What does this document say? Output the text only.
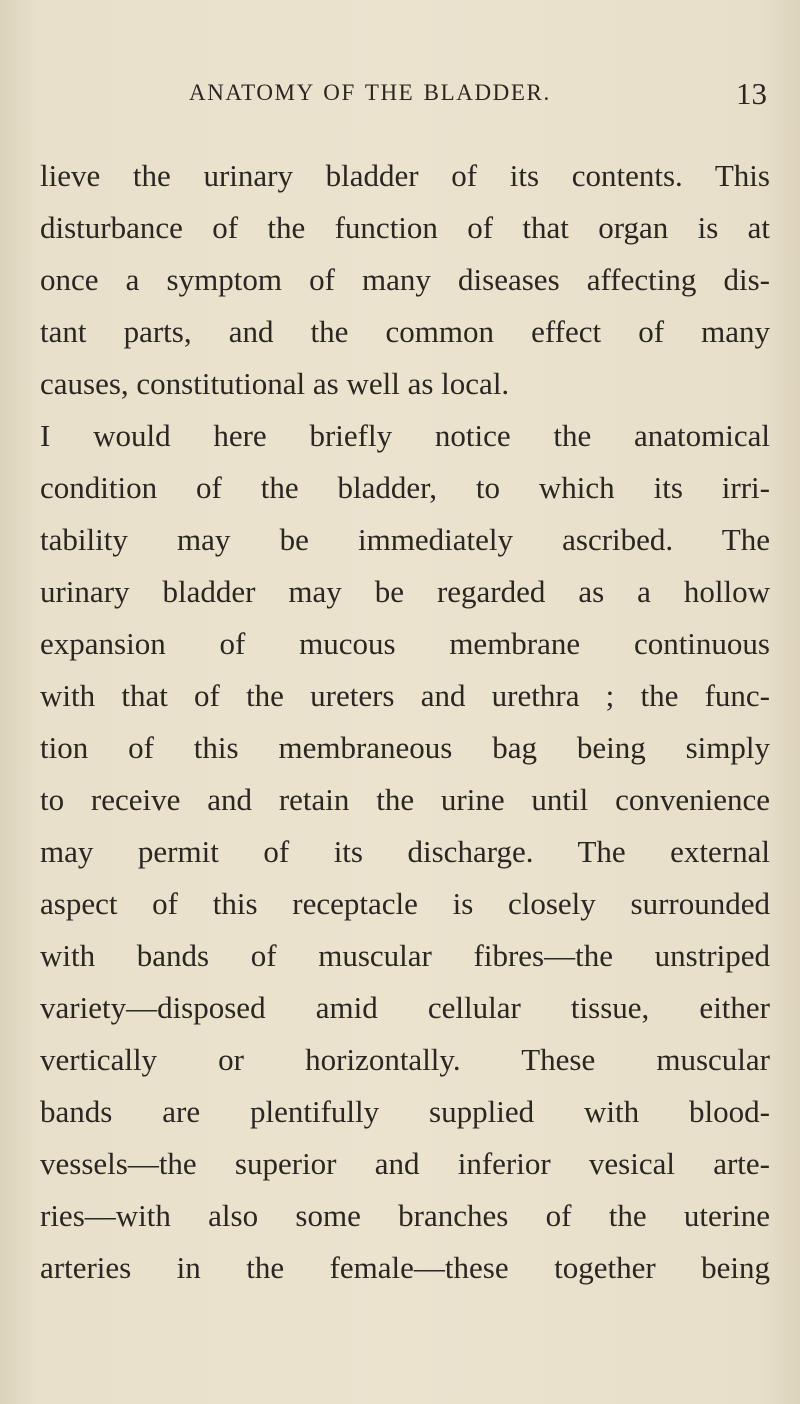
ANATOMY OF THE BLADDER.	13
lieve the urinary bladder of its contents. This
disturbance of the function of that organ is at
once a symptom of many diseases affecting dis-
tant parts, and the common effect of many
causes, constitutional as well as local.
I would here briefly notice the anatomical
condition of the bladder, to which its irri-
tability may be immediately ascribed. The
urinary bladder may be regarded as a hollow
expansion of mucous membrane continuous
with that of the ureters and urethra ; the func-
tion of this membraneous bag being simply
to receive and retain the urine until convenience
may permit of its discharge. The external
aspect of this receptacle is closely surrounded
with bands of muscular fibres—the unstriped
variety—disposed amid cellular tissue, either
vertically or horizontally. These muscular
bands are plentifully supplied with blood-
vessels—the superior and inferior vesical arte-
ries—with also some branches of the uterine
arteries in the female—these together being
